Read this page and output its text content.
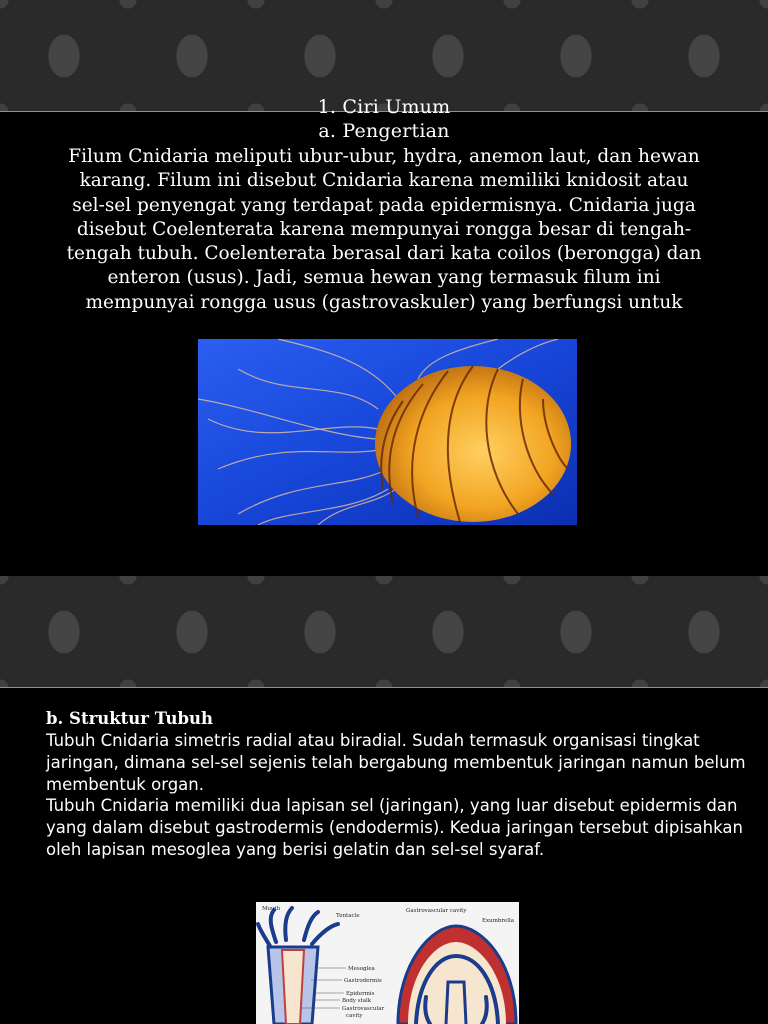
1. Ciri Umum
a. Pengertian
Filum Cnidaria meliputi ubur-ubur, hydra, anemon laut, dan hewan karang. Filum ini disebut Cnidaria karena memiliki knidosit atau sel-sel penyengat yang terdapat pada epidermisnya. Cnidaria juga disebut Coelenterata karena mempunyai rongga besar di tengah-tengah tubuh. Coelenterata berasal dari kata coilos (berongga) dan enteron (usus). Jadi, semua hewan yang termasuk filum ini mempunyai rongga usus (gastrovaskuler) yang berfungsi untuk
b. Struktur Tubuh

Tubuh Cnidaria simetris radial atau biradial. Sudah termasuk organisasi tingkat jaringan, dimana sel-sel sejenis telah bergabung membentuk jaringan namun belum membentuk organ.

Tubuh Cnidaria memiliki dua lapisan sel (jaringan), yang luar disebut epidermis dan yang dalam disebut gastrodermis (endodermis). Kedua jaringan tersebut dipisahkan oleh lapisan mesoglea yang berisi gelatin dan sel-sel syaraf.

Mouth
Tentacle
Mesoglea
Gastrodermis
Epidermis
Body stalk
Gastrovascular
cavity
Gastrovascular cavity
Exumbrella
